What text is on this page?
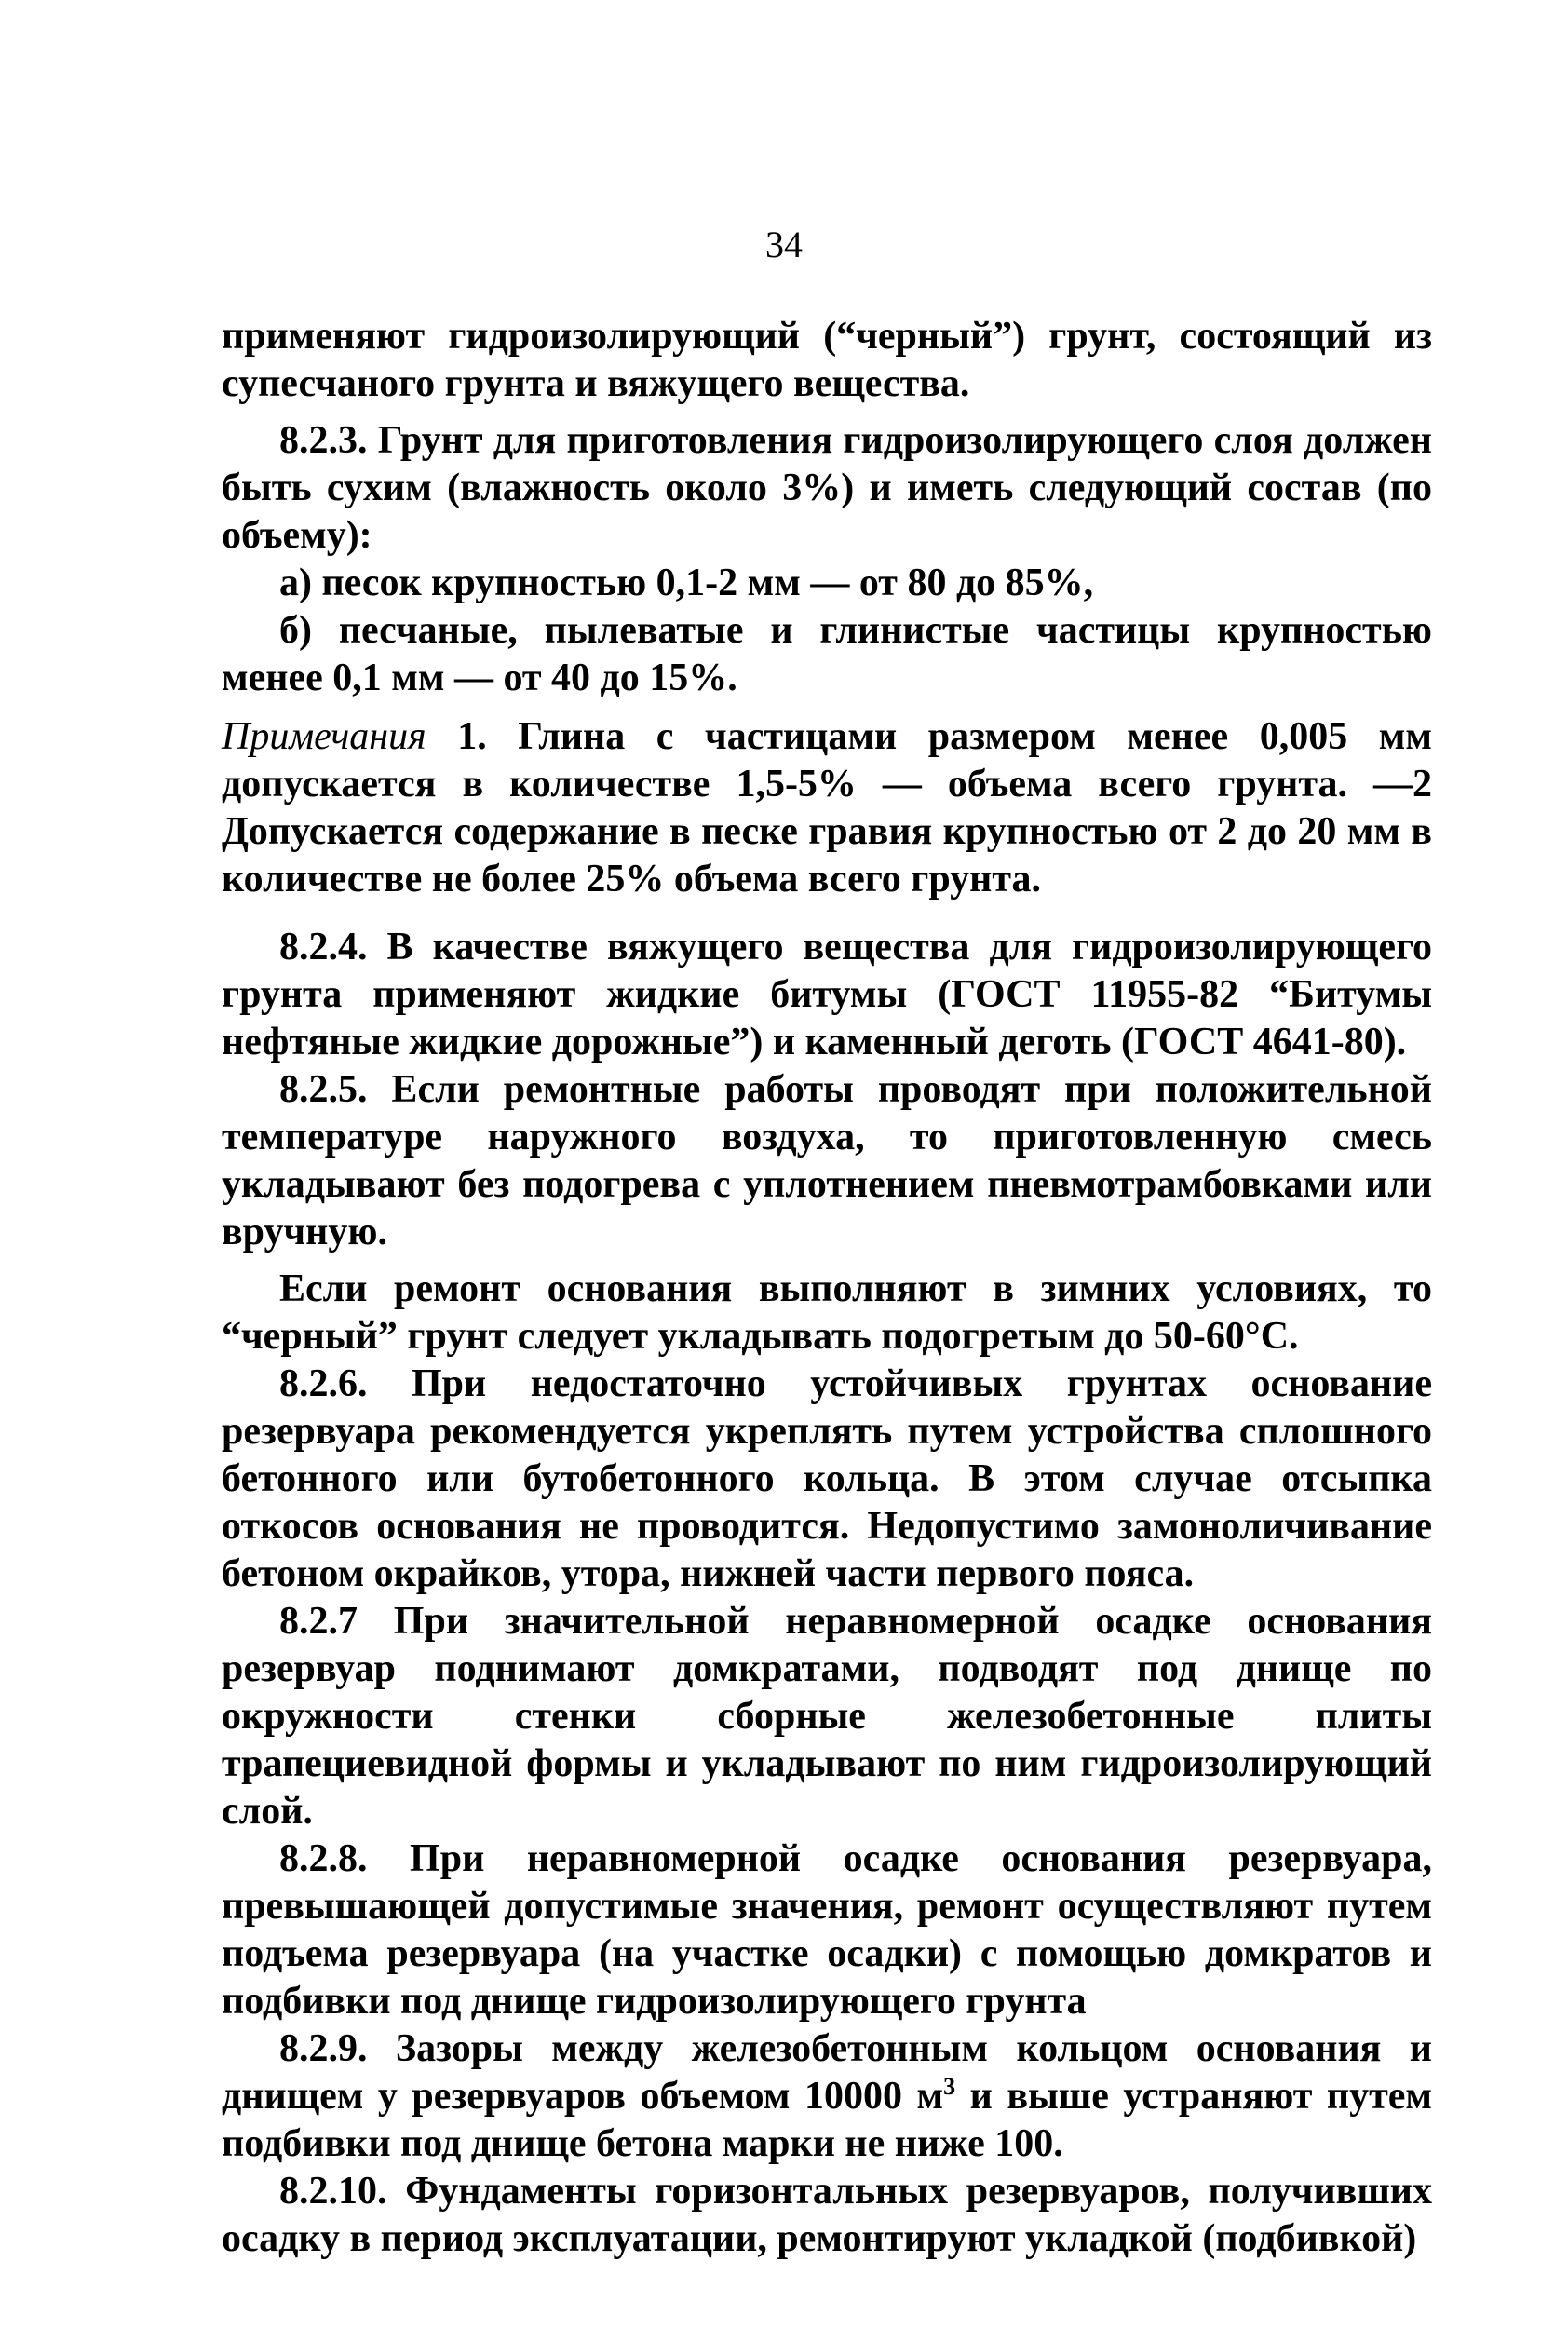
34

применяют гидроизолирующий (“черный”) грунт, состоящий из супесчаного грунта и вяжущего вещества.

8.2.3. Грунт для приготовления гидроизолирующего слоя должен быть сухим (влажность около 3%) и иметь следующий состав (по объему):

а) песок крупностью 0,1-2 мм — от 80 до 85%,

б) песчаные, пылеватые и глинистые частицы крупностью менее 0,1 мм — от 40 до 15%.

Примечания 1. Глина с частицами размером менее 0,005 мм допускается в количестве 1,5-5% — объема всего грунта. —2 Допускается содержание в песке гравия крупностью от 2 до 20 мм в количестве не более 25% объема всего грунта.

8.2.4. В качестве вяжущего вещества для гидроизолирующего грунта применяют жидкие битумы (ГОСТ 11955-82 “Битумы нефтяные жидкие дорожные”) и каменный деготь (ГОСТ 4641-80).

8.2.5. Если ремонтные работы проводят при положительной температуре наружного воздуха, то приготовленную смесь укладывают без подогрева с уплотнением пневмотрамбовками или вручную.

Если ремонт основания выполняют в зимних условиях, то “черный” грунт следует укладывать подогретым до 50-60°С.

8.2.6. При недостаточно устойчивых грунтах основание резервуара рекомендуется укреплять путем устройства сплошного бетонного или бутобетонного кольца. В этом случае отсыпка откосов основания не проводится. Недопустимо замоноличивание бетоном окрайков, утора, нижней части первого пояса.

8.2.7 При значительной неравномерной осадке основания резервуар поднимают домкратами, подводят под днище по окружности стенки сборные железобетонные плиты трапециевидной формы и укладывают по ним гидроизолирующий слой.

8.2.8. При неравномерной осадке основания резервуара, превышающей допустимые значения, ремонт осуществляют путем подъема резервуара (на участке осадки) с помощью домкратов и подбивки под днище гидроизолирующего грунта

8.2.9. Зазоры между железобетонным кольцом основания и днищем у резервуаров объемом 10000 $м^3$ и выше устраняют путем подбивки под днище бетона марки не ниже 100.

8.2.10. Фундаменты горизонтальных резервуаров, получивших осадку в период эксплуатации, ремонтируют укладкой (подбивкой)
